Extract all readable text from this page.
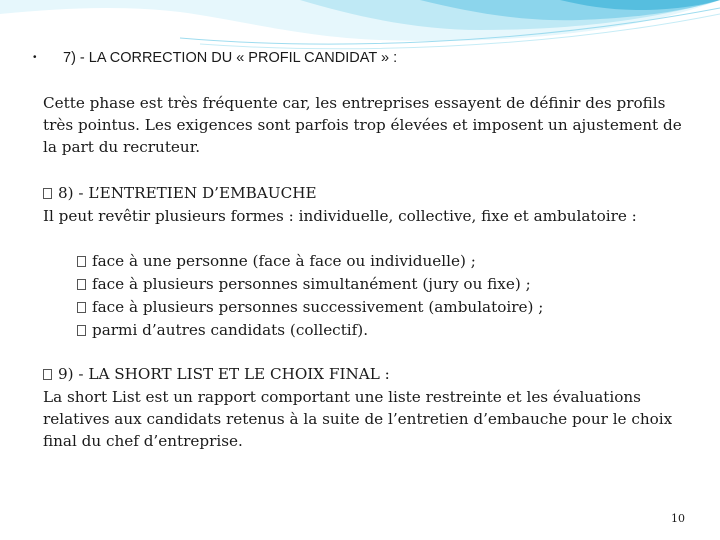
• 7) - LA CORRECTION DU « PROFIL CANDIDAT » :

Cette phase est très fréquente car, les entreprises essayent de définir des profils très pointus. Les exigences sont parfois trop élevées et imposent un ajustement de la part du recruteur.

8) - L’ENTRETIEN D’EMBAUCHE
Il peut revêtir plusieurs formes : individuelle, collective, fixe et ambulatoire :
face à une personne (face à face ou individuelle) ;
face à plusieurs personnes simultanément (jury ou fixe) ;
face à plusieurs personnes successivement (ambulatoire) ;
parmi d’autres candidats (collectif).
9) - LA SHORT LIST ET LE CHOIX FINAL :

La short List est un rapport comportant une liste restreinte et les évaluations relatives aux candidats retenus à la suite de l’entretien d’embauche pour le choix final du chef d’entreprise.

10
